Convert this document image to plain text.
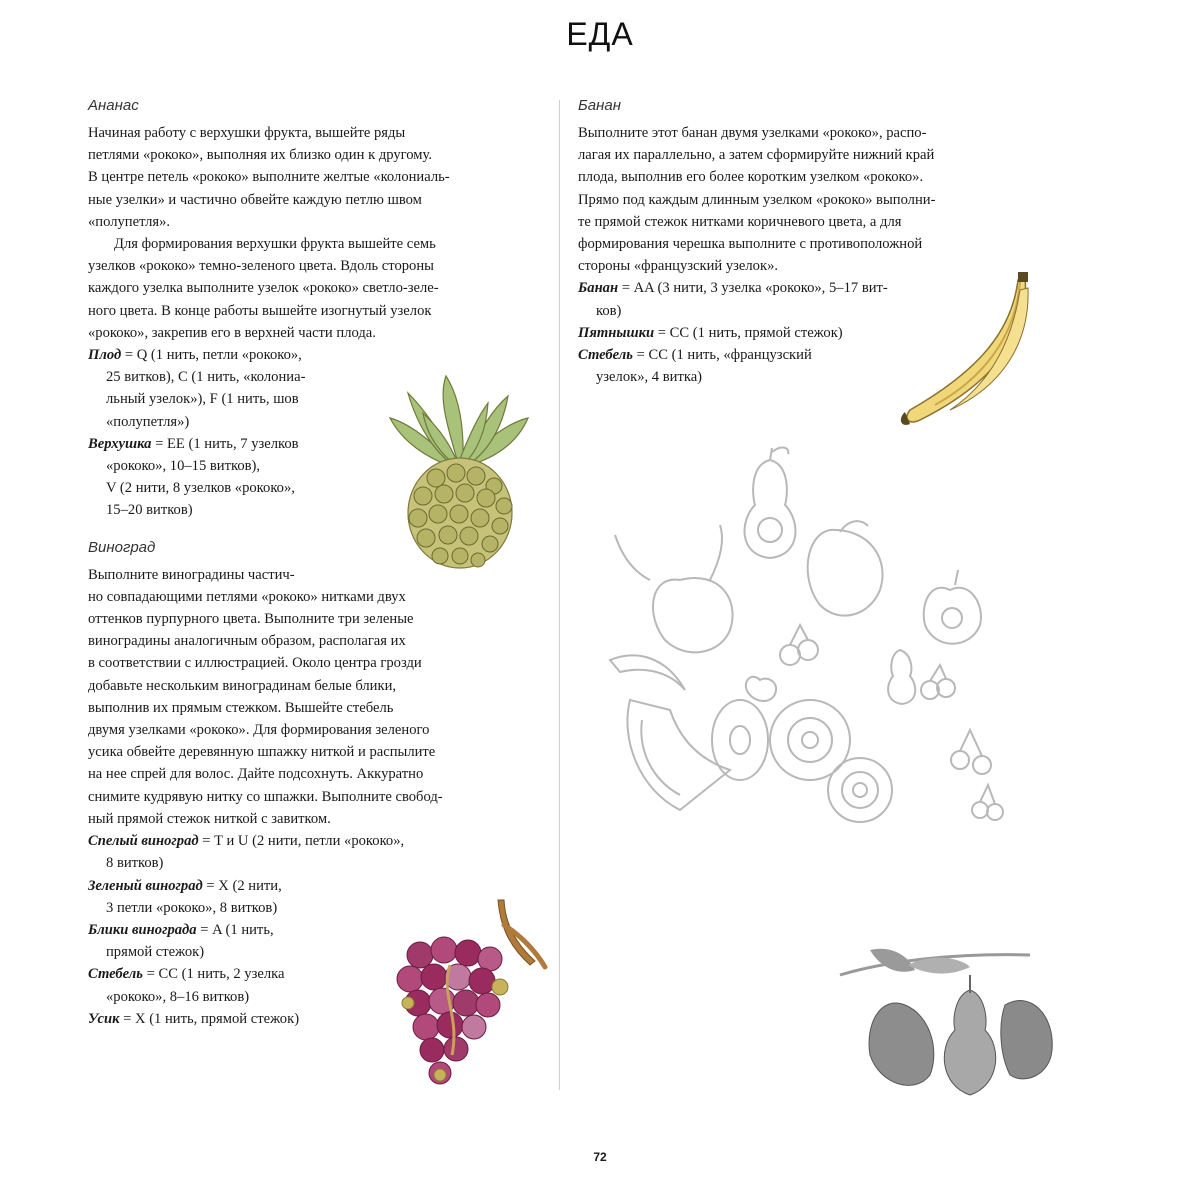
ЕДА
Ананас

Начиная работу с верхушки фрукта, вышейте ряды
петлями «рококо», выполняя их близко один к другому.
В центре петель «рококо» выполните желтые «колониаль-
ные узелки» и частично обвейте каждую петлю швом
«полупетля».

Для формирования верхушки фрукта вышейте семь
узелков «рококо» темно-зеленого цвета. Вдоль стороны
каждого узелка выполните узелок «рококо» светло-зеле-
ного цвета. В конце работы вышейте изогнутый узелок
«рококо», закрепив его в верхней части плода.

Плод = Q (1 нить, петли «рококо»,
25 витков), C (1 нить, «колониа-
льный узелок»), F (1 нить, шов
«полупетля»)
Верхушка = EE (1 нить, 7 узелков
«рококо», 10–15 витков),
V (2 нити, 8 узелков «рококо»,
15–20 витков)
Виноград

Выполните виноградины частич-
но совпадающими петлями «рококо» нитками двух
оттенков пурпурного цвета. Выполните три зеленые
виноградины аналогичным образом, располагая их
в соответствии с иллюстрацией. Около центра грозди
добавьте нескольким виноградинам белые блики,
выполнив их прямым стежком. Вышейте стебель
двумя узелками «рококо». Для формирования зеленого
усика обвейте деревянную шпажку ниткой и распылите
на нее спрей для волос. Дайте подсохнуть. Аккуратно
снимите кудрявую нитку со шпажки. Выполните свобод-
ный прямой стежок ниткой с завитком.

Спелый виноград = T и U (2 нити, петли «рококо»,
8 витков)
Зеленый виноград = X (2 нити,
3 петли «рококо», 8 витков)
Блики винограда = A (1 нить,
прямой стежок)
Стебель = CC (1 нить, 2 узелка
«рококо», 8–16 витков)
Усик = X (1 нить, прямой стежок)
Банан

Выполните этот банан двумя узелками «рококо», распо-
лагая их параллельно, а затем сформируйте нижний край
плода, выполнив его более коротким узелком «рококо».
Прямо под каждым длинным узелком «рококо» выполни-
те прямой стежок нитками коричневого цвета, а для
формирования черешка выполните с противоположной
стороны «французский узелок».

Банан = AA (3 нити, 3 узелка «рококо», 5–17 вит-
ков)
Пятнышки = CC (1 нить, прямой стежок)
Стебель = CC (1 нить, «французский
узелок», 4 витка)
72
